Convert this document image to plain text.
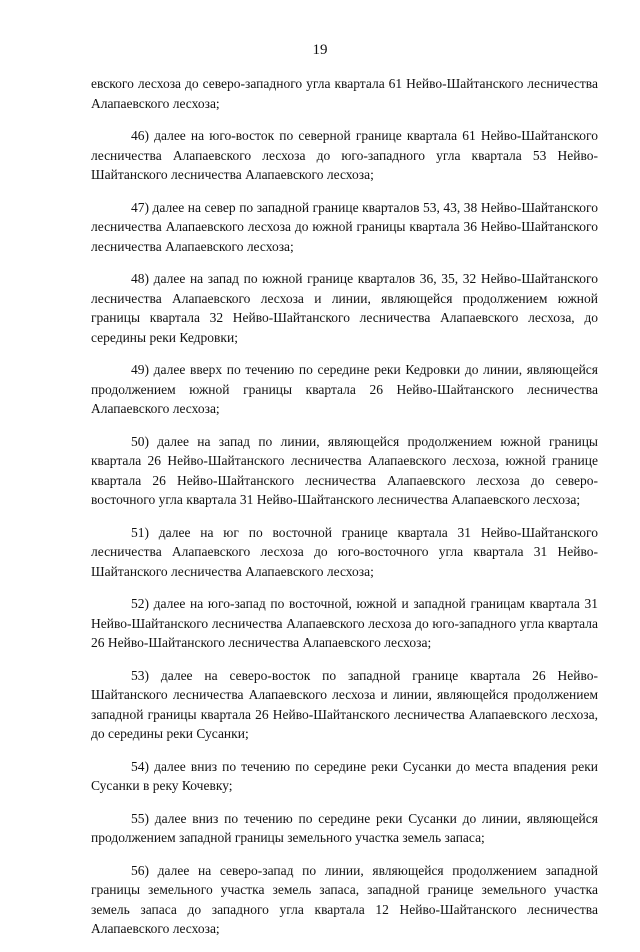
19

евского лесхоза до северо-западного угла квартала 61 Нейво-Шайтанского лесничества Алапаевского лесхоза;

46) далее на юго-восток по северной границе квартала 61 Нейво-Шайтанского лесничества Алапаевского лесхоза до юго-западного угла квартала 53 Нейво-Шайтанского лесничества Алапаевского лесхоза;

47) далее на север по западной границе кварталов 53, 43, 38 Нейво-Шайтанского лесничества Алапаевского лесхоза до южной границы квартала 36 Нейво-Шайтанского лесничества Алапаевского лесхоза;

48) далее на запад по южной границе кварталов 36, 35, 32 Нейво-Шайтанского лесничества Алапаевского лесхоза и линии, являющейся продолжением южной границы квартала 32 Нейво-Шайтанского лесничества Алапаевского лесхоза, до середины реки Кедровки;

49) далее вверх по течению по середине реки Кедровки до линии, являющейся продолжением южной границы квартала 26 Нейво-Шайтанского лесничества Алапаевского лесхоза;

50) далее на запад по линии, являющейся продолжением южной границы квартала 26 Нейво-Шайтанского лесничества Алапаевского лесхоза, южной границе квартала 26 Нейво-Шайтанского лесничества Алапаевского лесхоза до северо-восточного угла квартала 31 Нейво-Шайтанского лесничества Алапаевского лесхоза;

51) далее на юг по восточной границе квартала 31 Нейво-Шайтанского лесничества Алапаевского лесхоза до юго-восточного угла квартала 31 Нейво-Шайтанского лесничества Алапаевского лесхоза;

52) далее на юго-запад по восточной, южной и западной границам квартала 31 Нейво-Шайтанского лесничества Алапаевского лесхоза до юго-западного угла квартала 26 Нейво-Шайтанского лесничества Алапаевского лесхоза;

53) далее на северо-восток по западной границе квартала 26 Нейво-Шайтанского лесничества Алапаевского лесхоза и линии, являющейся продолжением западной границы квартала 26 Нейво-Шайтанского лесничества Алапаевского лесхоза, до середины реки Сусанки;

54) далее вниз по течению по середине реки Сусанки до места впадения реки Сусанки в реку Кочевку;

55) далее вниз по течению по середине реки Сусанки до линии, являющейся продолжением западной границы земельного участка земель запаса;

56) далее на северо-запад по линии, являющейся продолжением западной границы земельного участка земель запаса, западной границе земельного участка земель запаса до западного угла квартала 12 Нейво-Шайтанского лесничества Алапаевского лесхоза;
